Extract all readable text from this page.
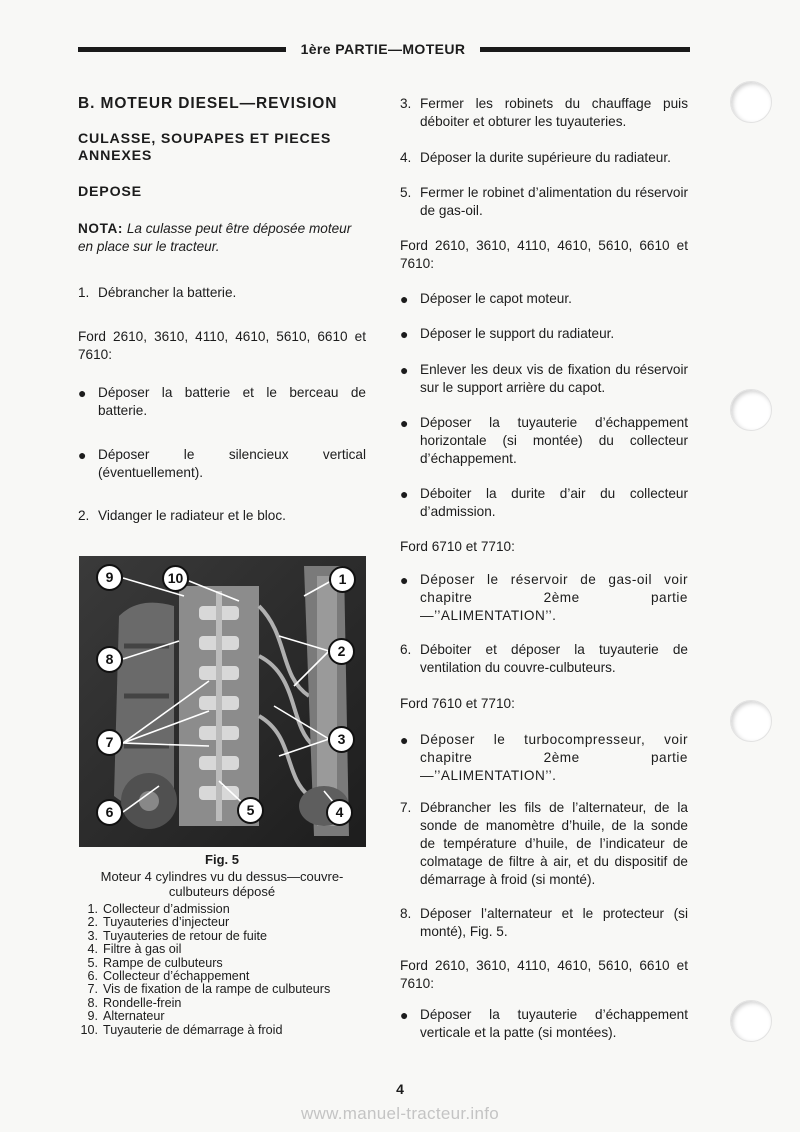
1ère PARTIE—MOTEUR
B. MOTEUR DIESEL—REVISION
CULASSE, SOUPAPES ET PIECES
ANNEXES
DEPOSE
NOTA: La culasse peut être déposée moteur en place sur le tracteur.
1. Débrancher la batterie.
Ford 2610, 3610, 4110, 4610, 5610, 6610 et 7610:
● Déposer la batterie et le berceau de batterie.
● Déposer le silencieux vertical (éventuellement).
2. Vidanger le radiateur et le bloc.
9	10	1
8	2
7	3
6	5	4
Fig. 5
Moteur 4 cylindres vu du dessus—couvre-culbuteurs déposé
1. Collecteur d’admission
2. Tuyauteries d’injecteur
3. Tuyauteries de retour de fuite
4. Filtre à gas oil
5. Rampe de culbuteurs
6. Collecteur d’échappement
7. Vis de fixation de la rampe de culbuteurs
8. Rondelle-frein
9. Alternateur
10. Tuyauterie de démarrage à froid
3. Fermer les robinets du chauffage puis déboiter et obturer les tuyauteries.
4. Déposer la durite supérieure du radiateur.
5. Fermer le robinet d’alimentation du réservoir de gas-oil.
Ford 2610, 3610, 4110, 4610, 5610, 6610 et 7610:
● Déposer le capot moteur.
● Déposer le support du radiateur.
● Enlever les deux vis de fixation du réservoir sur le support arrière du capot.
● Déposer la tuyauterie d’échappement horizontale (si montée) du collecteur d’échappement.
● Déboiter la durite d’air du collecteur d’admission.
Ford 6710 et 7710:
● Déposer le réservoir de gas-oil voir chapitre 2ème partie—’’ALIMENTATION’’.
6. Déboiter et déposer la tuyauterie de ventilation du couvre-culbuteurs.
Ford 7610 et 7710:
● Déposer le turbocompresseur, voir chapitre 2ème partie—’’ALIMENTATION’’.
7. Débrancher les fils de l’alternateur, de la sonde de manomètre d’huile, de la sonde de température d’huile, de l’indicateur de colmatage de filtre à air, et du dispositif de démarrage à froid (si monté).
8. Déposer l’alternateur et le protecteur (si monté), Fig. 5.
Ford 2610, 3610, 4110, 4610, 5610, 6610 et 7610:
● Déposer la tuyauterie d’échappement verticale et la patte (si montées).
4
www.manuel-tracteur.info
